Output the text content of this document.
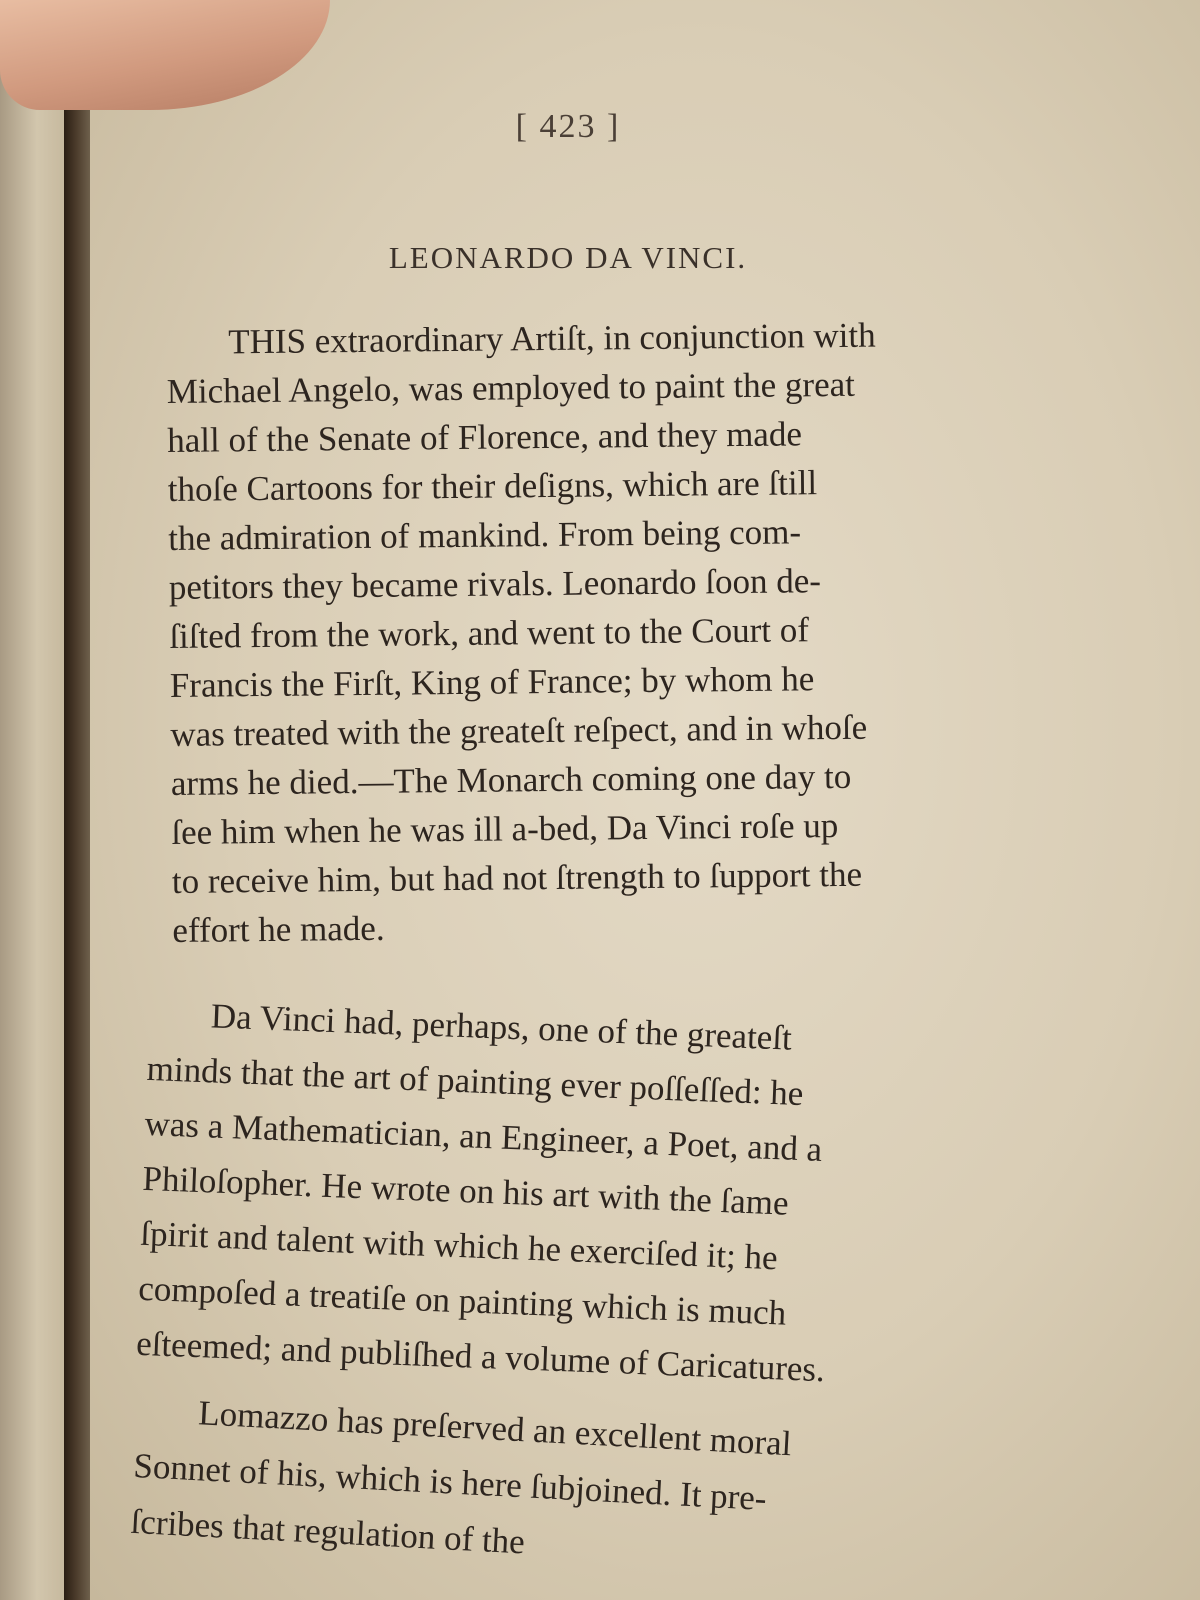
[ 423 ]
LEONARDO DA VINCI.
THIS extraordinary Artiſt, in conjunction with
Michael Angelo, was employed to paint the great
hall of the Senate of Florence, and they made
thoſe Cartoons for their deſigns, which are ſtill
the admiration of mankind. From being com-
petitors they became rivals. Leonardo ſoon de-
ſiſted from the work, and went to the Court of
Francis the Firſt, King of France; by whom he
was treated with the greateſt reſpect, and in whoſe
arms he died.—The Monarch coming one day to
ſee him when he was ill a-bed, Da Vinci roſe up
to receive him, but had not ſtrength to ſupport the
effort he made.
Da Vinci had, perhaps, one of the greateſt
minds that the art of painting ever poſſeſſed: he
was a Mathematician, an Engineer, a Poet, and a
Philoſopher. He wrote on his art with the ſame
ſpirit and talent with which he exerciſed it; he
compoſed a treatiſe on painting which is much
eſteemed; and publiſhed a volume of Caricatures.
Lomazzo has preſerved an excellent moral
Sonnet of his, which is here ſubjoined. It pre-
ſcribes that regulation of the
